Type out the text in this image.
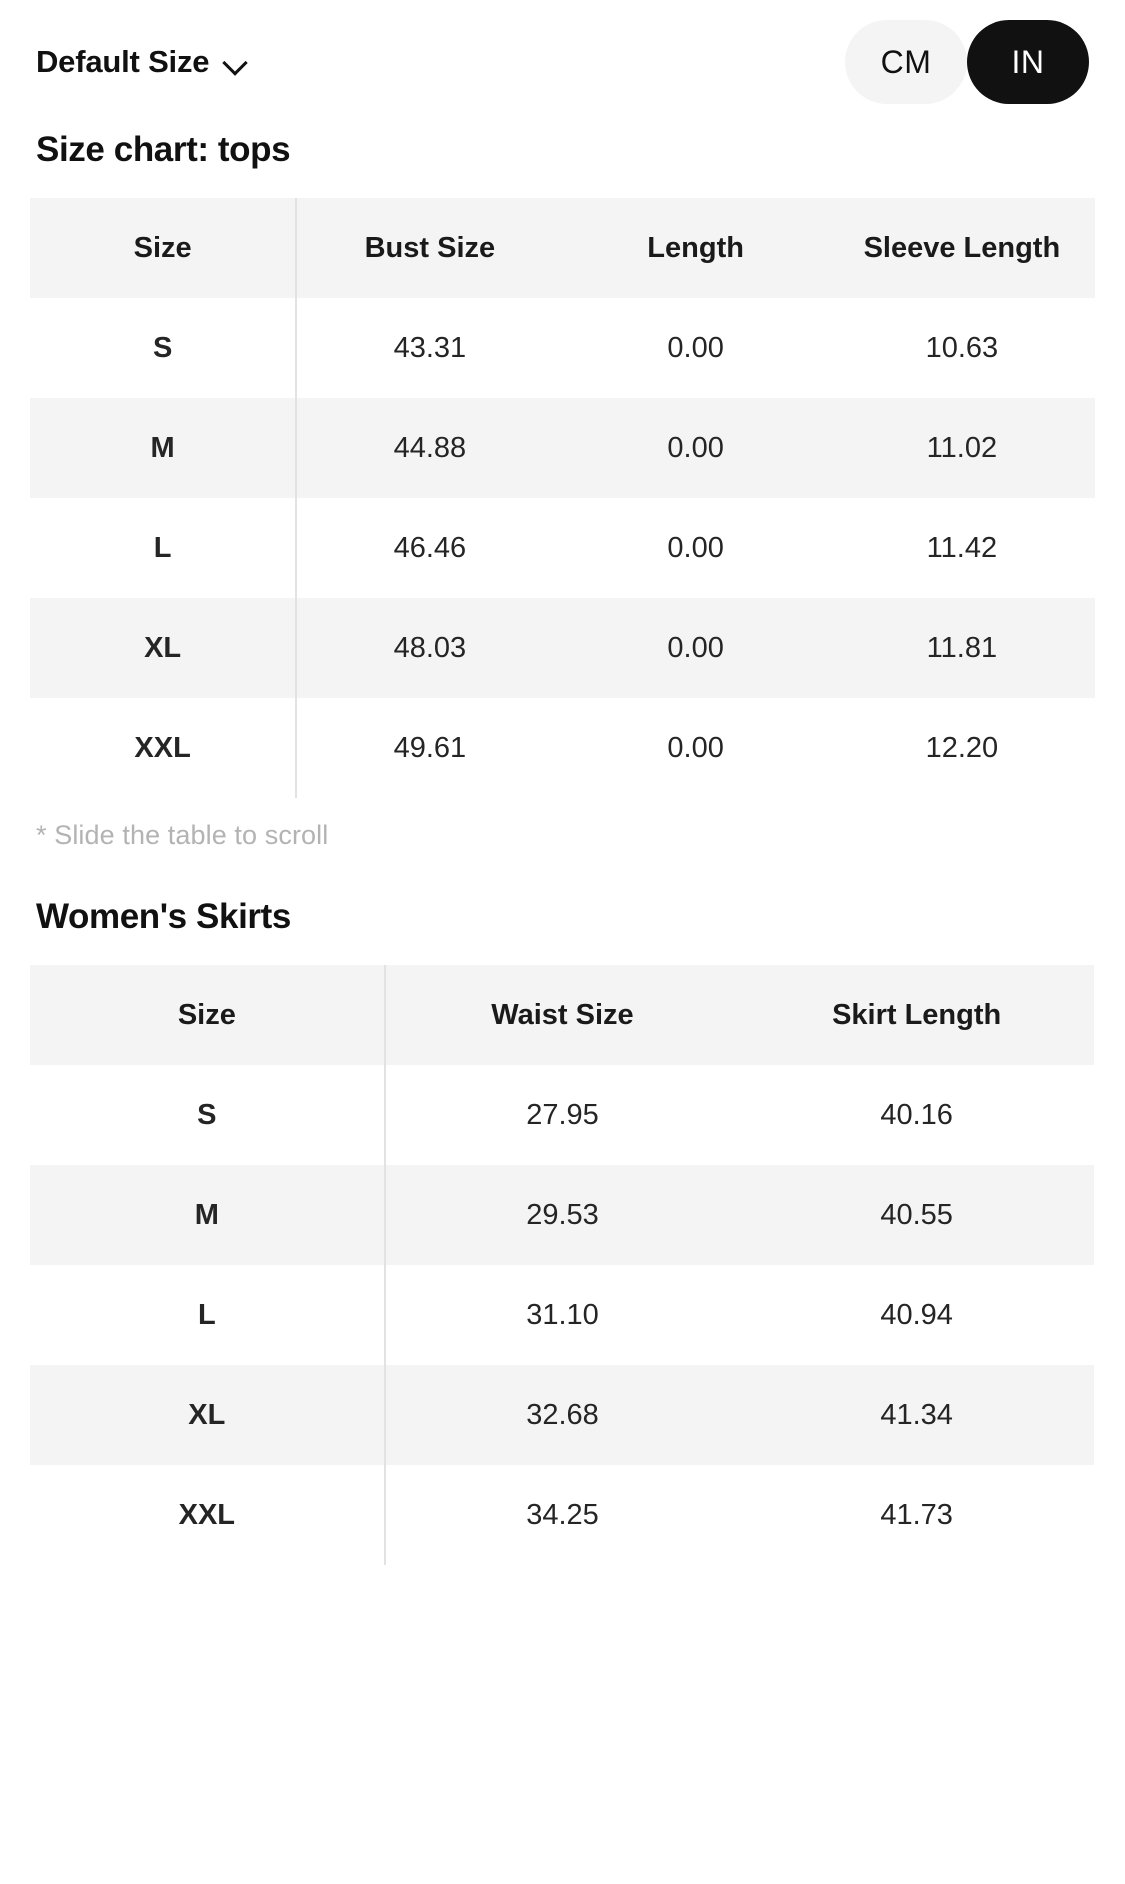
Default Size	CM	IN
Size chart: tops
Size	Bust Size	Length	Sleeve Length
S	43.31	0.00	10.63
M	44.88	0.00	11.02
L	46.46	0.00	11.42
XL	48.03	0.00	11.81
XXL	49.61	0.00	12.20
* Slide the table to scroll
Women's Skirts
Size	Waist Size	Skirt Length
S	27.95	40.16
M	29.53	40.55
L	31.10	40.94
XL	32.68	41.34
XXL	34.25	41.73
